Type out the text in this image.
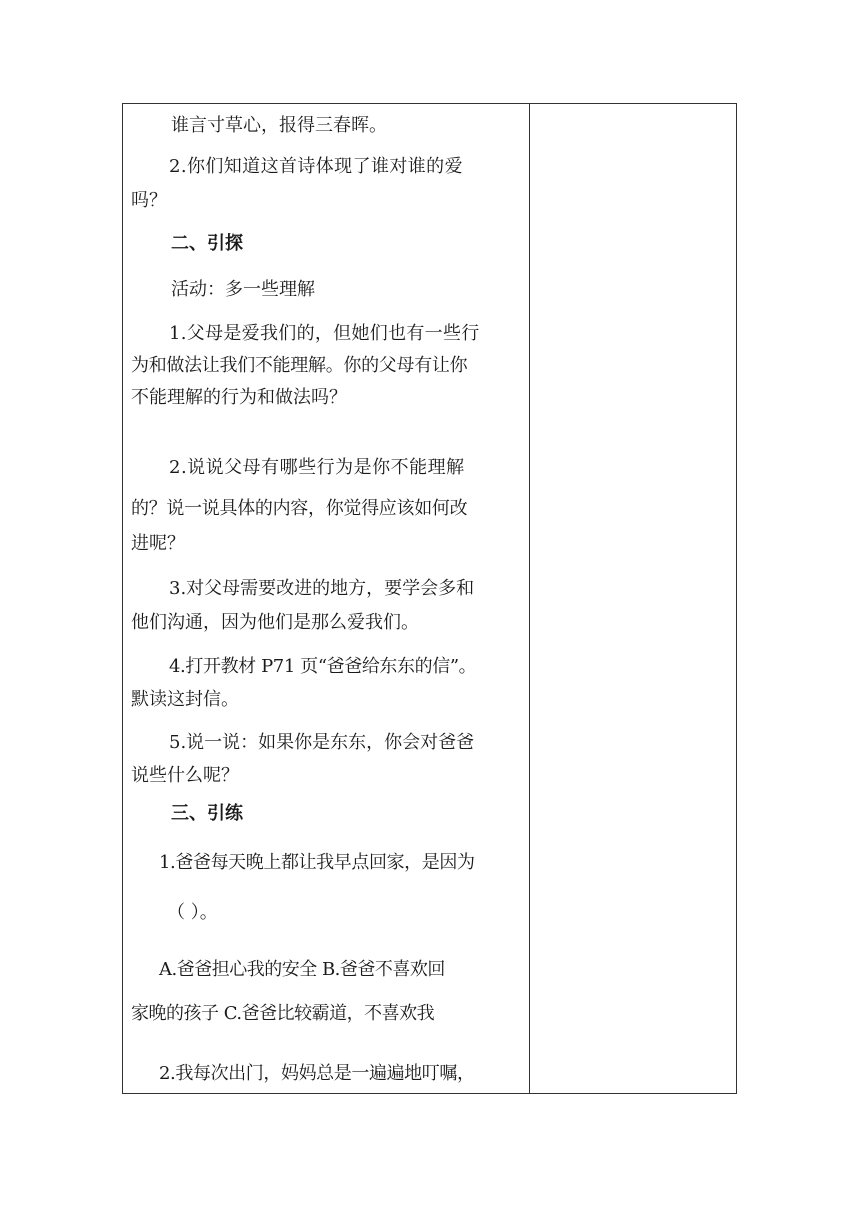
谁言寸草心，报得三春晖。
2.你们知道这首诗体现了谁对谁的爱
吗？
二、引探
活动：多一些理解
1.父母是爱我们的，但她们也有一些行
为和做法让我们不能理解。你的父母有让你
不能理解的行为和做法吗？
2.说说父母有哪些行为是你不能理解
的？说一说具体的内容，你觉得应该如何改
进呢？
3.对父母需要改进的地方，要学会多和
他们沟通，因为他们是那么爱我们。
4.打开教材 P71 页“爸爸给东东的信”。
默读这封信。
5.说一说：如果你是东东，你会对爸爸
说些什么呢？
三、引练
1.爸爸每天晚上都让我早点回家，是因为
（ ）。
A.爸爸担心我的安全 B.爸爸不喜欢回
家晚的孩子 C.爸爸比较霸道，不喜欢我
2.我每次出门，妈妈总是一遍遍地叮嘱，
